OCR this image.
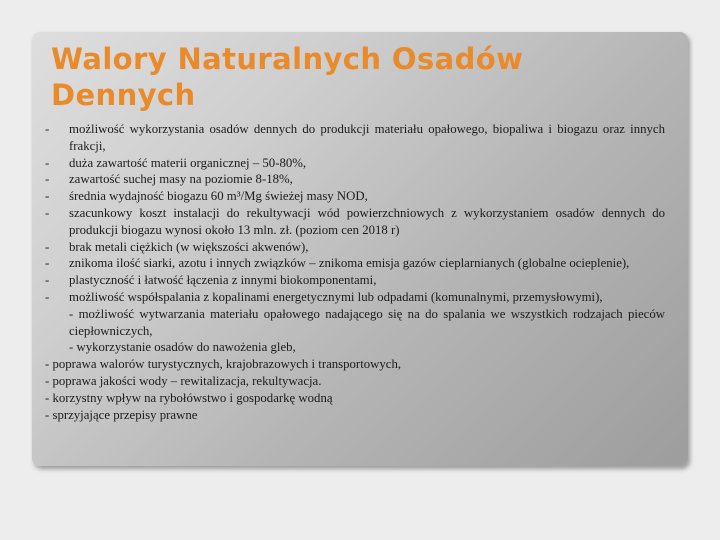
Walory Naturalnych Osadów Dennych
-	możliwość wykorzystania osadów dennych do produkcji materiału opałowego, biopaliwa i biogazu oraz innych frakcji,
-	duża zawartość materii organicznej – 50-80%,
-	zawartość suchej masy na poziomie 8-18%,
-	średnia wydajność biogazu 60 m³/Mg świeżej masy NOD,
-	szacunkowy koszt instalacji do rekultywacji wód powierzchniowych z wykorzystaniem osadów dennych do produkcji biogazu wynosi około 13 mln. zł. (poziom cen 2018 r)
-	brak metali ciężkich (w większości akwenów),
-	znikoma ilość siarki, azotu i innych związków – znikoma emisja gazów cieplarnianych (globalne ocieplenie),
-	plastyczność i łatwość łączenia z innymi biokomponentami,
-	możliwość współspalania z kopalinami energetycznymi lub odpadami (komunalnymi, przemysłowymi),
- możliwość wytwarzania materiału opałowego nadającego się na do spalania we wszystkich rodzajach pieców ciepłowniczych,
- wykorzystanie osadów do nawożenia gleb,
- poprawa walorów turystycznych, krajobrazowych i transportowych,
- poprawa jakości wody – rewitalizacja, rekultywacja.
- korzystny wpływ na rybołówstwo i gospodarkę wodną
- sprzyjające przepisy prawne
